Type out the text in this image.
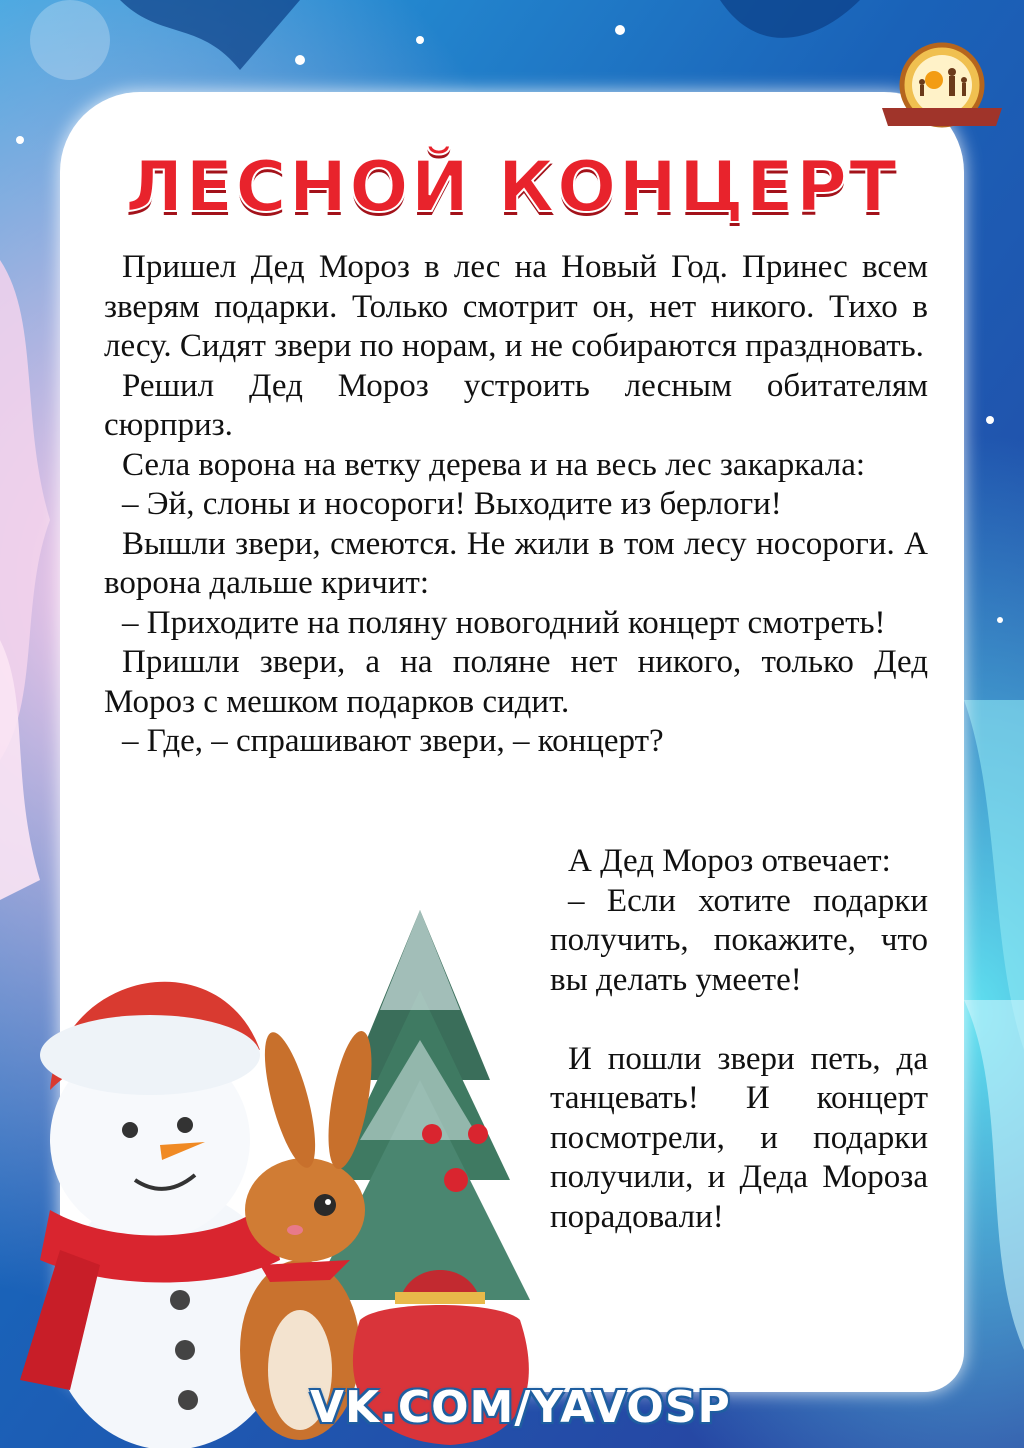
ЛЕСНОЙ КОНЦЕРТ

Пришел Дед Мороз в лес на Новый Год. Принес всем зверям подарки. Только смотрит он, нет никого. Тихо в лесу. Сидят звери по норам, и не собираются праздновать.

Решил Дед Мороз устроить лесным обитателям сюрприз.

Села ворона на ветку дерева и на весь лес закаркала:

– Эй, слоны и носороги! Выходите из берлоги!

Вышли звери, смеются. Не жили в том лесу носороги. А ворона дальше кричит:

– Приходите на поляну новогодний концерт смотреть!

Пришли звери, а на поляне нет никого, только Дед Мороз с мешком подарков сидит.

– Где, – спрашивают звери, – концерт?

А Дед Мороз отвечает:

– Если хотите подарки получить, покажите, что вы делать умеете!

И пошли звери петь, да танцевать! И концерт посмотрели, и подарки получили, и Деда Мороза порадовали!

VK.COM/YAVOSP
